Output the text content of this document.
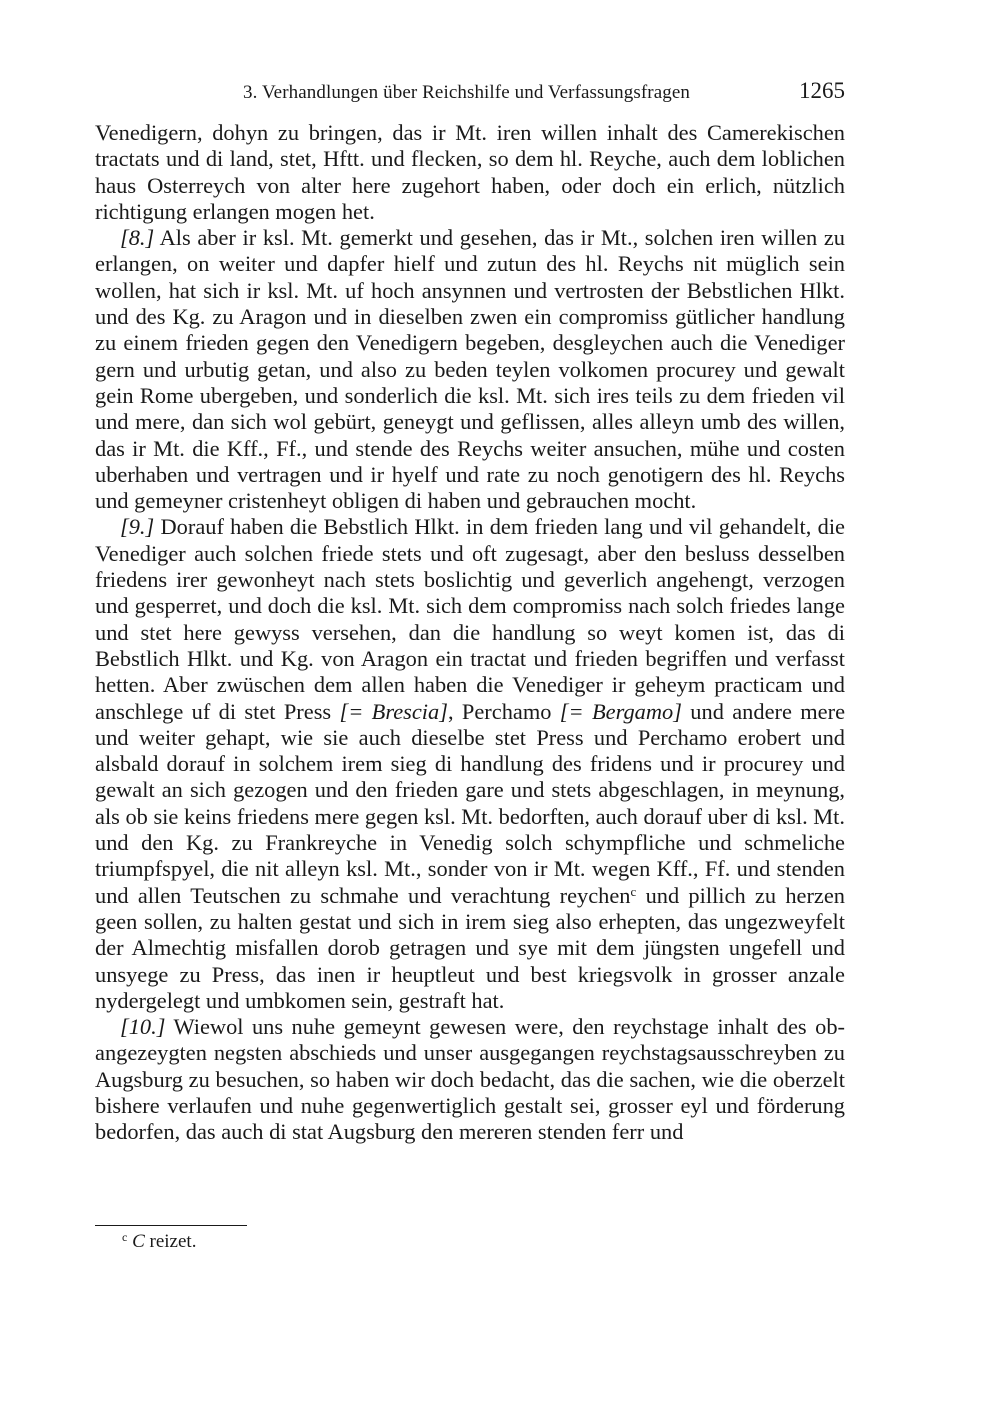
3. Verhandlungen über Reichshilfe und Verfassungsfragen	1265

Venedigern, dohyn zu bringen, das ir Mt. iren willen inhalt des Camerekischen tractats und di land, stet, Hftt. und flecken, so dem hl. Reyche, auch dem loblichen haus Osterreych von alter here zugehort haben, oder doch ein erlich, nützlich richtigung erlangen mogen het.

[8.] Als aber ir ksl. Mt. gemerkt und gesehen, das ir Mt., solchen iren willen zu erlangen, on weiter und dapfer hielf und zutun des hl. Reychs nit müglich sein wollen, hat sich ir ksl. Mt. uf hoch ansynnen und vertrosten der Bebstlichen Hlkt. und des Kg. zu Aragon und in dieselben zwen ein compromiss gütlicher handlung zu einem frieden gegen den Venedigern begeben, desgleychen auch die Venediger gern und urbutig getan, und also zu beden teylen volkomen procurey und gewalt gein Rome ubergeben, und sonderlich die ksl. Mt. sich ires teils zu dem frieden vil und mere, dan sich wol gebürt, geneygt und geflissen, alles alleyn umb des willen, das ir Mt. die Kff., Ff., und stende des Reychs weiter ansuchen, mühe und costen uberhaben und vertragen und ir hyelf und rate zu noch genotigern des hl. Reychs und gemeyner cristenheyt obligen di haben und gebrauchen mocht.

[9.] Dorauf haben die Bebstlich Hlkt. in dem frieden lang und vil gehandelt, die Venediger auch solchen friede stets und oft zugesagt, aber den besluss desselben friedens irer gewonheyt nach stets boslichtig und geverlich angehengt, verzogen und gesperret, und doch die ksl. Mt. sich dem compromiss nach solch friedes lange und stet here gewyss versehen, dan die handlung so weyt komen ist, das di Bebstlich Hlkt. und Kg. von Aragon ein tractat und frieden begriffen und verfasst hetten. Aber zwüschen dem allen haben die Venediger ir geheym practicam und anschlege uf di stet Press [= Brescia], Perchamo [= Bergamo] und andere mere und weiter gehapt, wie sie auch dieselbe stet Press und Perchamo erobert und alsbald dorauf in solchem irem sieg di handlung des fridens und ir procurey und gewalt an sich gezogen und den frieden gare und stets abgeschlagen, in meynung, als ob sie keins friedens mere gegen ksl. Mt. bedorften, auch dorauf uber di ksl. Mt. und den Kg. zu Frankreyche in Venedig solch schympfliche und schmeliche triumpfspyel, die nit alleyn ksl. Mt., sonder von ir Mt. wegen Kff., Ff. und stenden und allen Teutschen zu schmahe und verachtung reychen$^c$ und pillich zu herzen geen sollen, zu halten gestat und sich in irem sieg also erhepten, das ungezweyfelt der Almechtig misfallen dorob getragen und sye mit dem jüngsten ungefell und unsyege zu Press, das inen ir heuptleut und best kriegsvolk in grosser anzale nydergelegt und umbkomen sein, gestraft hat.

[10.] Wiewol uns nuhe gemeynt gewesen were, den reychstage inhalt des obangezeygten negsten abschieds und unser ausgegangen reychstagsausschreyben zu Augsburg zu besuchen, so haben wir doch bedacht, das die sachen, wie die oberzelt bishere verlaufen und nuhe gegenwertiglich gestalt sei, grosser eyl und förderung bedorfen, das auch di stat Augsburg den mereren stenden ferr und

$^c$ C reizet.
